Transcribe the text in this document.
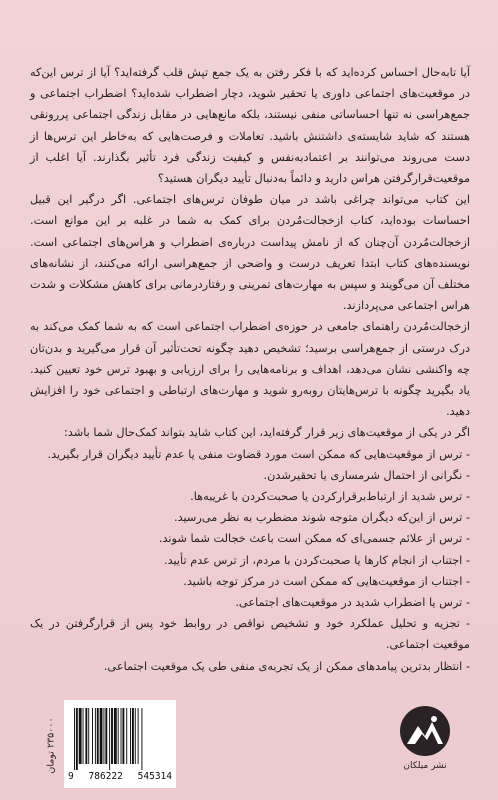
آیا تا‌به‌حال احساس کرده‌اید که با فکر رفتن به یک جمع تپش قلب گرفته‌اید؟ آیا از ترس این‌که در موقعیت‌های اجتماعی داوری یا تحقیر شوید، دچار اضطراب شده‌اید؟ اضطراب اجتماعی و جمع‌هراسی نه تنها احساساتی منفی نیستند، بلکه مانع‌هایی در مقابل زندگی اجتماعی پررونقی هستند که شاید شایسته‌ی داشتنش باشید. تعاملات و فرصت‌هایی که به‌خاطر این ترس‌ها از دست می‌روند می‌توانند بر اعتماد‌به‌نفس و کیفیت زندگی فرد تأثیر بگذارند. آیا اغلب از موقعیت‌قرارگرفتن هراس دارید و دائماً به‌دنبال تأیید دیگران هستید؟

این کتاب می‌تواند چراغی باشد در میان طوفان ترس‌های اجتماعی. اگر درگیر این قبیل احساسات بوده‌اید، کتاب ازخجالت‌مُردن برای کمک به شما در غلبه بر این موانع است. ازخجالت‌مُردن آن‌چنان که از نامش پیداست درباره‌ی اضطراب و هراس‌های اجتماعی است. نویسنده‌های کتاب ابتدا تعریف درست و واضحی از جمع‌هراسی ارائه می‌کنند، از نشانه‌های مختلف آن می‌گویند و سپس به مهارت‌های تمرینی و رفتاردرمانی برای کاهش مشکلات و شدت هراس اجتماعی می‌پردازند.

ازخجالت‌مُردن راهنمای جامعی در حوزه‌ی اضطراب اجتماعی است که به شما کمک می‌کند به درک درستی از جمع‌هراسی برسید؛ تشخیص دهید چگونه تحت‌تأثیر آن قرار می‌گیرید و بدن‌تان چه واکنشی نشان می‌دهد، اهداف و برنامه‌هایی را برای ارزیابی و بهبود ترس خود تعیین کنید. یاد بگیرید چگونه با ترس‌هایتان روبه‌رو شوید و مهارت‌های ارتباطی و اجتماعی خود را افزایش دهید.

اگر در یکی از موقعیت‌های زیر قرار گرفته‌اید، این کتاب شاید بتواند کمک‌حال شما باشد:

- ترس از موقعیت‌هایی که ممکن است مورد قضاوت منفی یا عدم تأیید دیگران قرار بگیرید.

- نگرانی از احتمال شرمساری یا تحقیرشدن.

- ترس شدید از ارتباط‌برقرارکردن یا صحبت‌کردن با غریبه‌ها.

- ترس از این‌که دیگران متوجه شوند مضطرب به نظر می‌رسید.

- ترس از علائم جسمی‌ای که ممکن است باعث خجالت شما شوند.

- اجتناب از انجام کارها یا صحبت‌کردن با مردم، از ترس عدم تأیید.

- اجتناب از موقعیت‌هایی که ممکن است در مرکز توجه باشید.

- ترس یا اضطراب شدید در موقعیت‌های اجتماعی.

- تجزیه و تحلیل عملکرد خود و تشخیص نواقص در روابط خود پس از قرارگرفتن در یک موقعیت اجتماعی.

- انتظار بدترین پیامدهای ممکن از یک تجربه‌ی منفی طی یک موقعیت اجتماعی.

نشر میلکان
۲۳۵۰۰۰ تومان
9 786222 545314
